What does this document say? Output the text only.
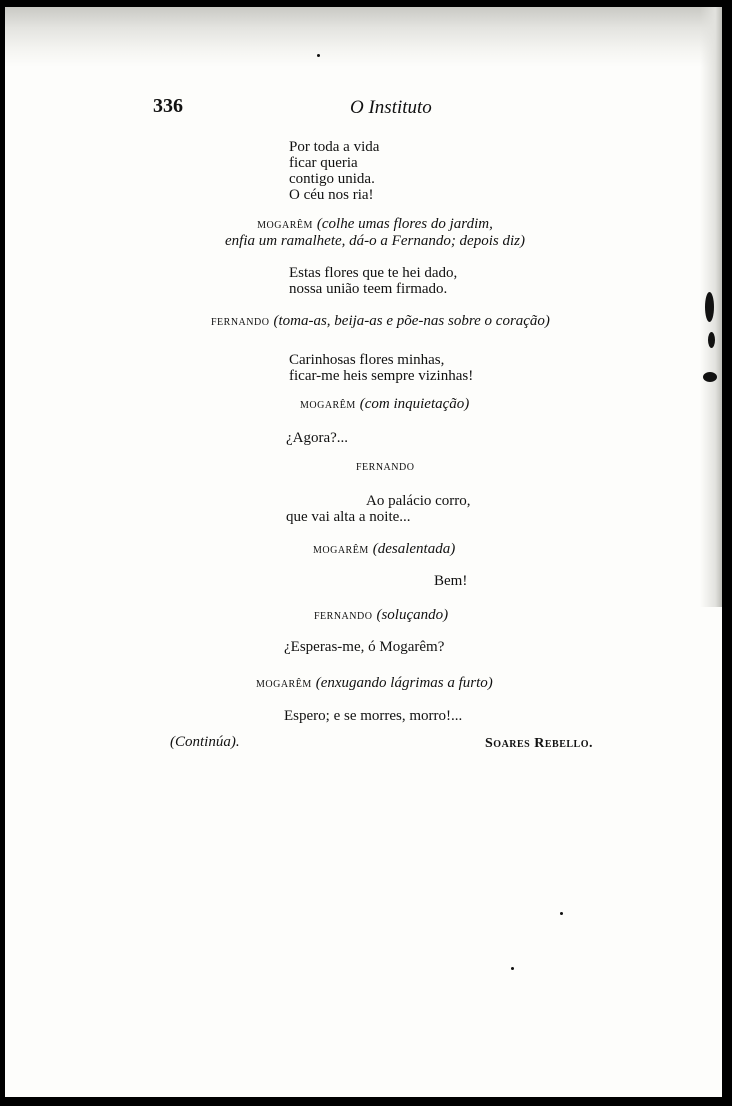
336	O Instituto
Por toda a vida
ficar queria
contigo unida.
O céu nos ria!
MOGARÊM (colhe umas flores do jardim,
enfia um ramalhete, dá-o a Fernando; depois diz)
Estas flores que te hei dado,
nossa união teem firmado.
FERNANDO (toma-as, beija-as e põe-nas sobre o coração)
Carinhosas flores minhas,
ficar-me heis sempre vizinhas!
MOGARÊM (com inquietação)
¿Agora?...
FERNANDO
Ao palácio corro,
que vai alta a noite...
MOGARÊM (desalentada)
Bem!
FERNANDO (soluçando)
¿Esperas-me, ó Mogarêm?
MOGARÊM (enxugando lágrimas a furto)
Espero; e se morres, morro!...
(Continúa).	Soares Rebello.
